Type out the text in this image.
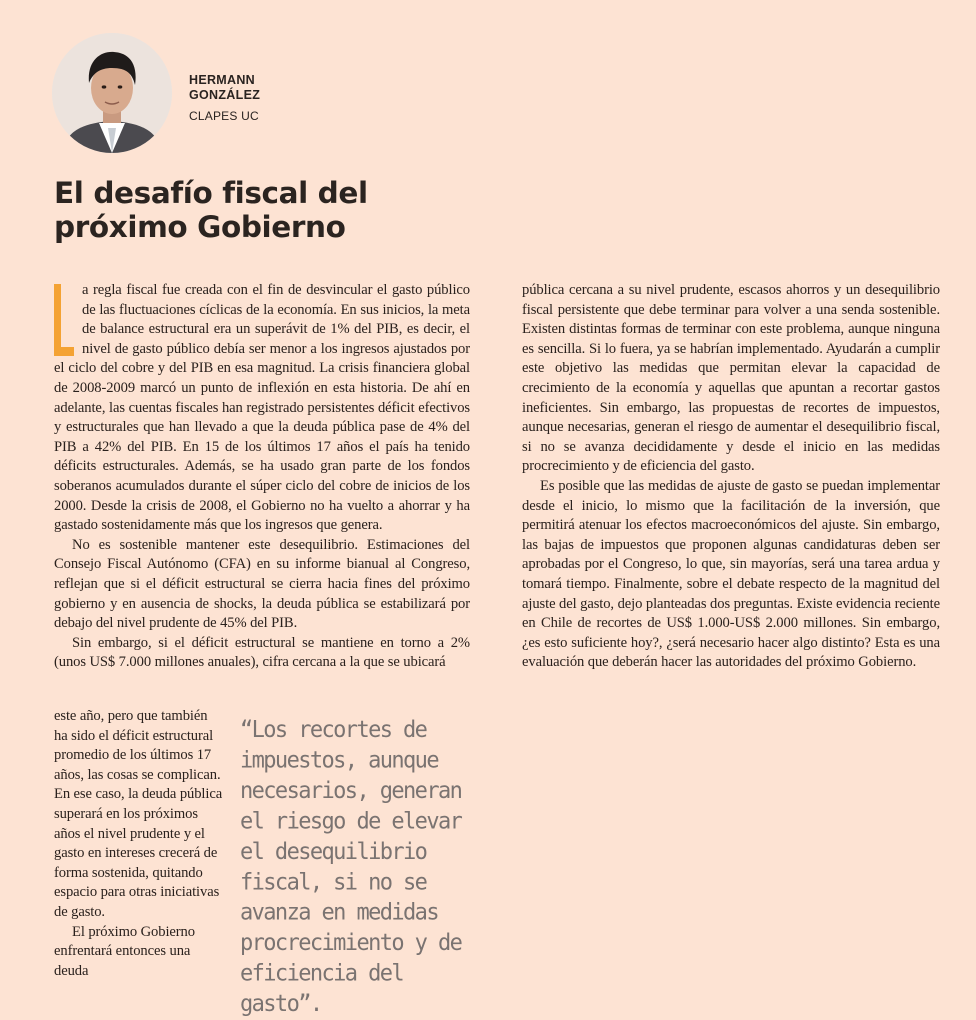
HERMANN
GONZÁLEZ
CLAPES UC
El desafío fiscal del
próximo Gobierno

a regla fiscal fue creada con el fin de desvincular el gasto público de las fluctuaciones cíclicas de la economía. En sus inicios, la meta de balance estructural era un superávit de 1% del PIB, es decir, el nivel de gasto público debía ser menor a los ingresos ajustados por el ciclo del cobre y del PIB en esa magnitud. La crisis financiera global de 2008-2009 marcó un punto de inflexión en esta historia. De ahí en adelante, las cuentas fiscales han registrado persistentes déficit efectivos y estructurales que han llevado a que la deuda pública pase de 4% del PIB a 42% del PIB. En 15 de los últimos 17 años el país ha tenido déficits estructurales. Además, se ha usado gran parte de los fondos soberanos acumulados durante el súper ciclo del cobre de inicios de los 2000. Desde la crisis de 2008, el Gobierno no ha vuelto a ahorrar y ha gastado sostenidamente más que los ingresos que genera.

No es sostenible mantener este desequilibrio. Estimaciones del Consejo Fiscal Autónomo (CFA) en su informe bianual al Congreso, reflejan que si el déficit estructural se cierra hacia fines del próximo gobierno y en ausencia de shocks, la deuda pública se estabilizará por debajo del nivel prudente de 45% del PIB.

Sin embargo, si el déficit estructural se mantiene en torno a 2% (unos US$ 7.000 millones anuales), cifra cercana a la que se ubicará

este año, pero que también ha sido el déficit estructural promedio de los últimos 17 años, las cosas se complican. En ese caso, la deuda pública superará en los próximos años el nivel prudente y el gasto en intereses crecerá de forma sostenida, quitando espacio para otras iniciativas de gasto.

El próximo Gobierno enfrentará entonces una deuda

“Los recortes de impuestos, aunque necesarios, generan el riesgo de elevar el desequilibrio fiscal, si no se avanza en medidas procrecimiento y de eficiencia del gasto”.

pública cercana a su nivel prudente, escasos ahorros y un desequilibrio fiscal persistente que debe terminar para volver a una senda sostenible. Existen distintas formas de terminar con este problema, aunque ninguna es sencilla. Si lo fuera, ya se habrían implementado. Ayudarán a cumplir este objetivo las medidas que permitan elevar la capacidad de crecimiento de la economía y aquellas que apuntan a recortar gastos ineficientes. Sin embargo, las propuestas de recortes de impuestos, aunque necesarias, generan el riesgo de aumentar el desequilibrio fiscal, si no se avanza decididamente y desde el inicio en las medidas procrecimiento y de eficiencia del gasto.

Es posible que las medidas de ajuste de gasto se puedan implementar desde el inicio, lo mismo que la facilitación de la inversión, que permitirá atenuar los efectos macroeconómicos del ajuste. Sin embargo, las bajas de impuestos que proponen algunas candidaturas deben ser aprobadas por el Congreso, lo que, sin mayorías, será una tarea ardua y tomará tiempo. Finalmente, sobre el debate respecto de la magnitud del ajuste del gasto, dejo planteadas dos preguntas. Existe evidencia reciente en Chile de recortes de US$ 1.000-US$ 2.000 millones. Sin embargo, ¿es esto suficiente hoy?, ¿será necesario hacer algo distinto? Esta es una evaluación que deberán hacer las autoridades del próximo Gobierno.
